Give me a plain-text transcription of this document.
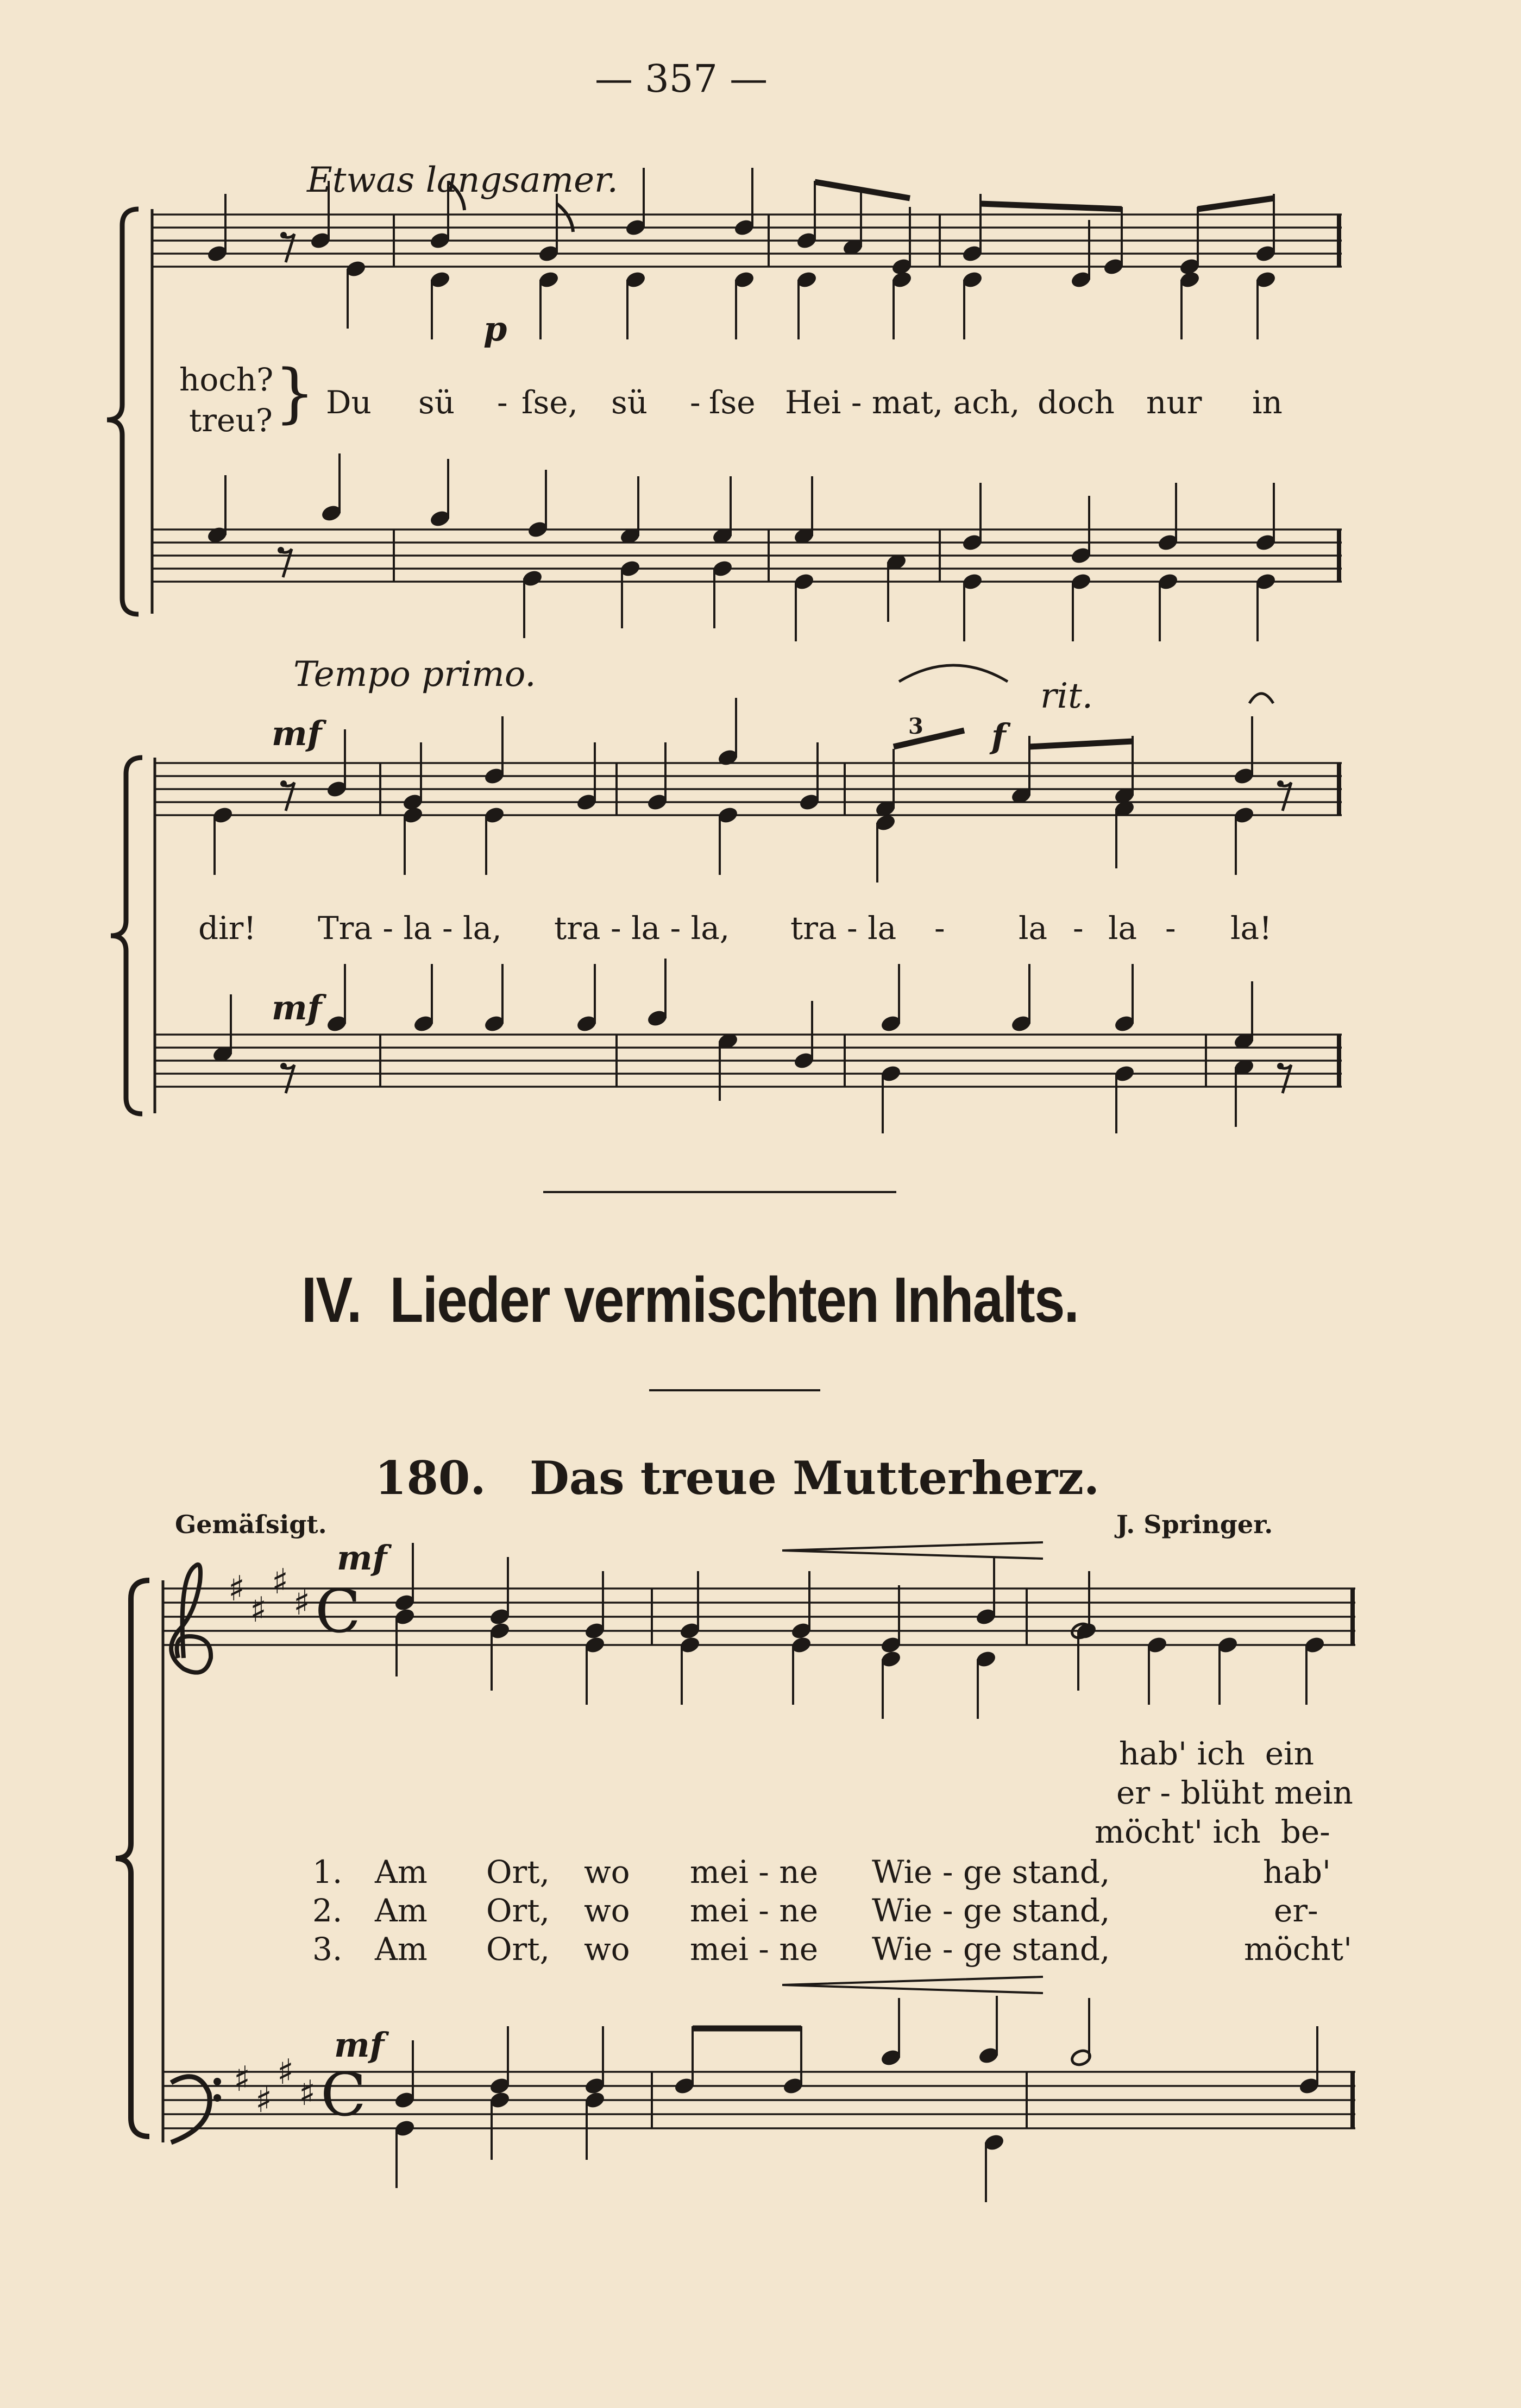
♯
♯
♯
♯ C
♯
♯
♯
♯ C
— 357 —
Etwas langsamer.
p
hoch?
treu? } Du sü - ſse, sü - ſse Hei - mat, ach, doch nur in
Tempo primo.
mf
mf
rit.
f
3
dir! Tra - la - la, tra - la - la, tra - la - la - la - la!
IV.  Lieder vermischten Inhalts.
180. Das treue Mutterherz.
Gemäſsigt.	J. Springer.
mf
mf
hab' ich  ein
er - blüht mein
möcht' ich  be-
1. Am Ort, wo mei - ne Wie - ge stand,	hab'
2. Am Ort, wo mei - ne Wie - ge stand,	er-
3. Am Ort, wo mei - ne Wie - ge stand,	möcht'
